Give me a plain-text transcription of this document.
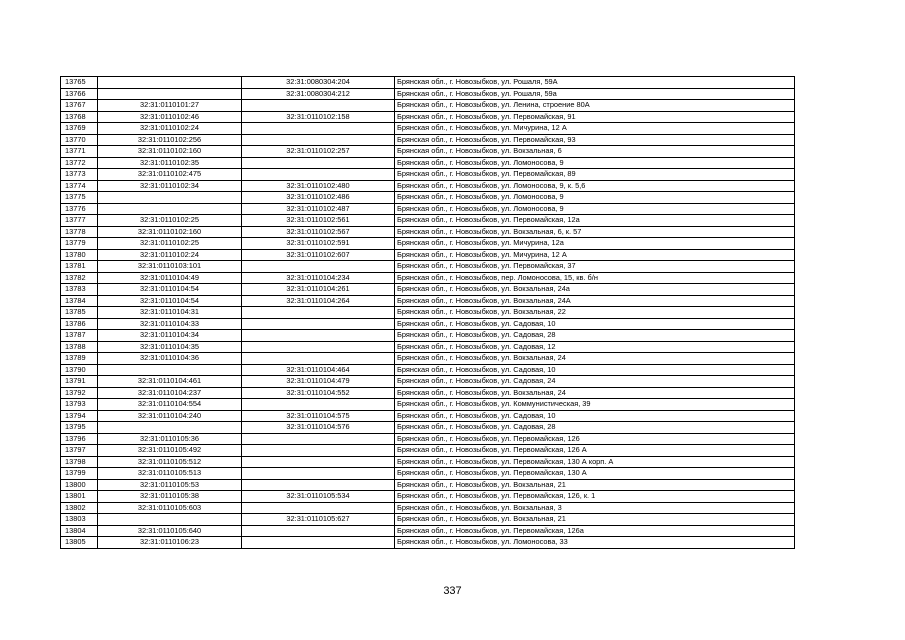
13765		32:31:0080304:204	Брянская обл., г. Новозыбков, ул. Рошаля, 59А
13766		32:31:0080304:212	Брянская обл., г. Новозыбков, ул. Рошаля, 59а
13767	32:31:0110101:27		Брянская обл., г. Новозыбков, ул. Ленина, строение 80А
13768	32:31:0110102:46	32:31:0110102:158	Брянская обл., г. Новозыбков, ул. Первомайская, 91
13769	32:31:0110102:24		Брянская обл., г. Новозыбков, ул. Мичурина, 12 А
13770	32:31:0110102:256		Брянская обл., г. Новозыбков, ул. Первомайская, 93
13771	32:31:0110102:160	32:31:0110102:257	Брянская обл., г. Новозыбков, ул. Вокзальная, 6
13772	32:31:0110102:35		Брянская обл., г. Новозыбков, ул. Ломоносова, 9
13773	32:31:0110102:475		Брянская обл., г. Новозыбков, ул. Первомайская, 89
13774	32:31:0110102:34	32:31:0110102:480	Брянская обл., г. Новозыбков, ул. Ломоносова, 9, к. 5,6
13775		32:31:0110102:486	Брянская обл., г. Новозыбков, ул. Ломоносова, 9
13776		32:31:0110102:487	Брянская обл., г. Новозыбков, ул. Ломоносова, 9
13777	32:31:0110102:25	32:31:0110102:561	Брянская обл., г. Новозыбков, ул. Первомайская, 12а
13778	32:31:0110102:160	32:31:0110102:567	Брянская обл., г. Новозыбков, ул. Вокзальная, 6, к. 57
13779	32:31:0110102:25	32:31:0110102:591	Брянская обл., г. Новозыбков, ул. Мичурина, 12а
13780	32:31:0110102:24	32:31:0110102:607	Брянская обл., г. Новозыбков, ул. Мичурина, 12 А
13781	32:31:0110103:101		Брянская обл., г. Новозыбков, ул. Первомайская, 37
13782	32:31:0110104:49	32:31:0110104:234	Брянская обл., г. Новозыбков, пер. Ломоносова, 15, кв. б/н
13783	32:31:0110104:54	32:31:0110104:261	Брянская обл., г. Новозыбков, ул. Вокзальная, 24а
13784	32:31:0110104:54	32:31:0110104:264	Брянская обл., г. Новозыбков, ул. Вокзальная, 24А
13785	32:31:0110104:31		Брянская обл., г. Новозыбков, ул. Вокзальная, 22
13786	32:31:0110104:33		Брянская обл., г. Новозыбков, ул. Садовая, 10
13787	32:31:0110104:34		Брянская обл., г. Новозыбков, ул. Садовая, 28
13788	32:31:0110104:35		Брянская обл., г. Новозыбков, ул. Садовая, 12
13789	32:31:0110104:36		Брянская обл., г. Новозыбков, ул. Вокзальная, 24
13790		32:31:0110104:464	Брянская обл., г. Новозыбков, ул. Садовая, 10
13791	32:31:0110104:461	32:31:0110104:479	Брянская обл., г. Новозыбков, ул. Садовая, 24
13792	32:31:0110104:237	32:31:0110104:552	Брянская обл., г. Новозыбков, ул. Вокзальная, 24
13793	32:31:0110104:554		Брянская обл., г. Новозыбков, ул. Коммунистическая, 39
13794	32:31:0110104:240	32:31:0110104:575	Брянская обл., г. Новозыбков, ул. Садовая, 10
13795		32:31:0110104:576	Брянская обл., г. Новозыбков, ул. Садовая, 28
13796	32:31:0110105:36		Брянская обл., г. Новозыбков, ул. Первомайская, 126
13797	32:31:0110105:492		Брянская обл., г. Новозыбков, ул. Первомайская, 126 А
13798	32:31:0110105:512		Брянская обл., г. Новозыбков, ул. Первомайская, 130 А корп. А
13799	32:31:0110105:513		Брянская обл., г. Новозыбков, ул. Первомайская, 130 А
13800	32:31:0110105:53		Брянская обл., г. Новозыбков, ул. Вокзальная, 21
13801	32:31:0110105:38	32:31:0110105:534	Брянская обл., г. Новозыбков, ул. Первомайская, 126, к. 1
13802	32:31:0110105:603		Брянская обл., г. Новозыбков, ул. Вокзальная, 3
13803		32:31:0110105:627	Брянская обл., г. Новозыбков, ул. Вокзальная, 21
13804	32:31:0110105:640		Брянская обл., г. Новозыбков, ул. Первомайская, 126а
13805	32:31:0110106:23		Брянская обл., г. Новозыбков, ул. Ломоносова, 33
337
